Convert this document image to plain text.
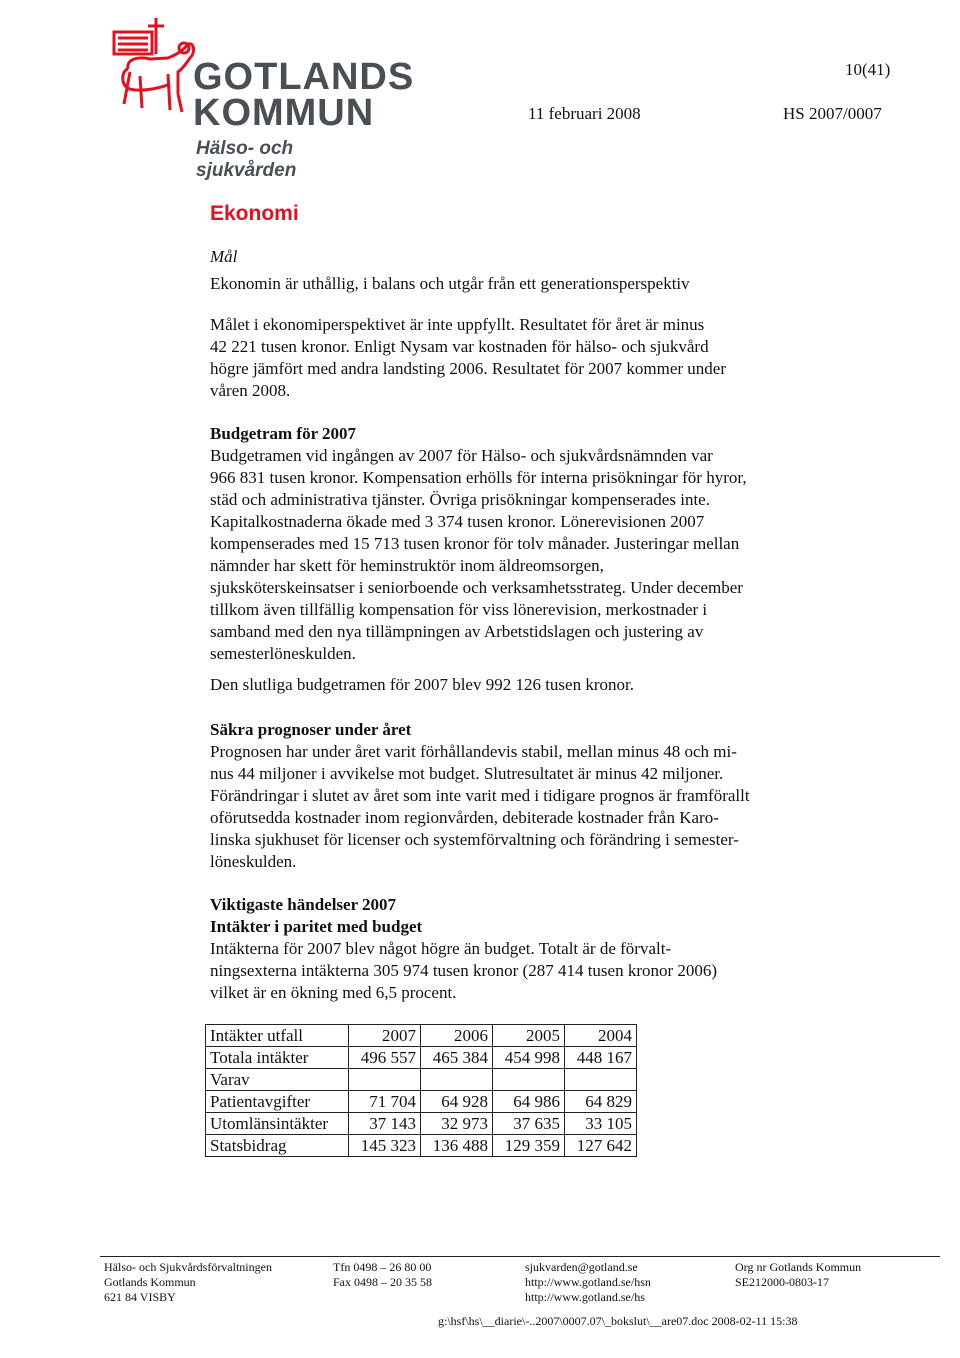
GOTLANDS
KOMMUN
Hälso- och sjukvården
10(41)
11 februari 2008	HS 2007/0007
Ekonomi

Mål

Ekonomin är uthållig, i balans och utgår från ett generationsperspektiv

Målet i ekonomiperspektivet är inte uppfyllt. Resultatet för året är minus
42 221 tusen kronor. Enligt Nysam var kostnaden för hälso- och sjukvård
högre jämfört med andra landsting 2006. Resultatet för 2007 kommer under
våren 2008.
Budgetram för 2007
Budgetramen vid ingången av 2007 för Hälso- och sjukvårdsnämnden var
966 831 tusen kronor. Kompensation erhölls för interna prisökningar för hyror,
städ och administrativa tjänster. Övriga prisökningar kompenserades inte.
Kapitalkostnaderna ökade med 3 374 tusen kronor. Lönerevisionen 2007
kompenserades med 15 713 tusen kronor för tolv månader. Justeringar mellan
nämnder har skett för heminstruktör inom äldreomsorgen,
sjuksköterskeinsatser i seniorboende och verksamhetsstrateg. Under december
tillkom även tillfällig kompensation för viss lönerevision, merkostnader i
samband med den nya tillämpningen av Arbetstidslagen och justering av
semesterlöneskulden.
Den slutliga budgetramen för 2007 blev 992 126 tusen kronor.
Säkra prognoser under året
Prognosen har under året varit förhållandevis stabil, mellan minus 48 och mi-
nus 44 miljoner i avvikelse mot budget. Slutresultatet är minus 42 miljoner.
Förändringar i slutet av året som inte varit med i tidigare prognos är framförallt
oförutsedda kostnader inom regionvården, debiterade kostnader från Karo-
linska sjukhuset för licenser och systemförvaltning och förändring i semester-
löneskulden.
Viktigaste händelser 2007
Intäkter i paritet med budget
Intäkterna för 2007 blev något högre än budget. Totalt är de förvalt-
ningsexterna intäkterna 305 974 tusen kronor (287 414 tusen kronor 2006)
vilket är en ökning med 6,5 procent.
Intäkter utfall	2007	2006	2005	2004
Totala intäkter	496 557	465 384	454 998	448 167
Varav				
Patientavgifter	71 704	64 928	64 986	64 829
Utomlänsintäkter	37 143	32 973	37 635	33 105
Statsbidrag	145 323	136 488	129 359	127 642
Hälso- och Sjukvårdsförvaltningen
Gotlands Kommun
621 84 VISBY
Tfn 0498 – 26 80 00
Fax 0498 – 20 35 58
sjukvarden@gotland.se
http://www.gotland.se/hsn
http://www.gotland.se/hs
Org nr Gotlands Kommun
SE212000-0803-17
g:\hsf\hs\__diarie\-..2007\0007.07\_bokslut\__are07.doc 2008-02-11 15:38
